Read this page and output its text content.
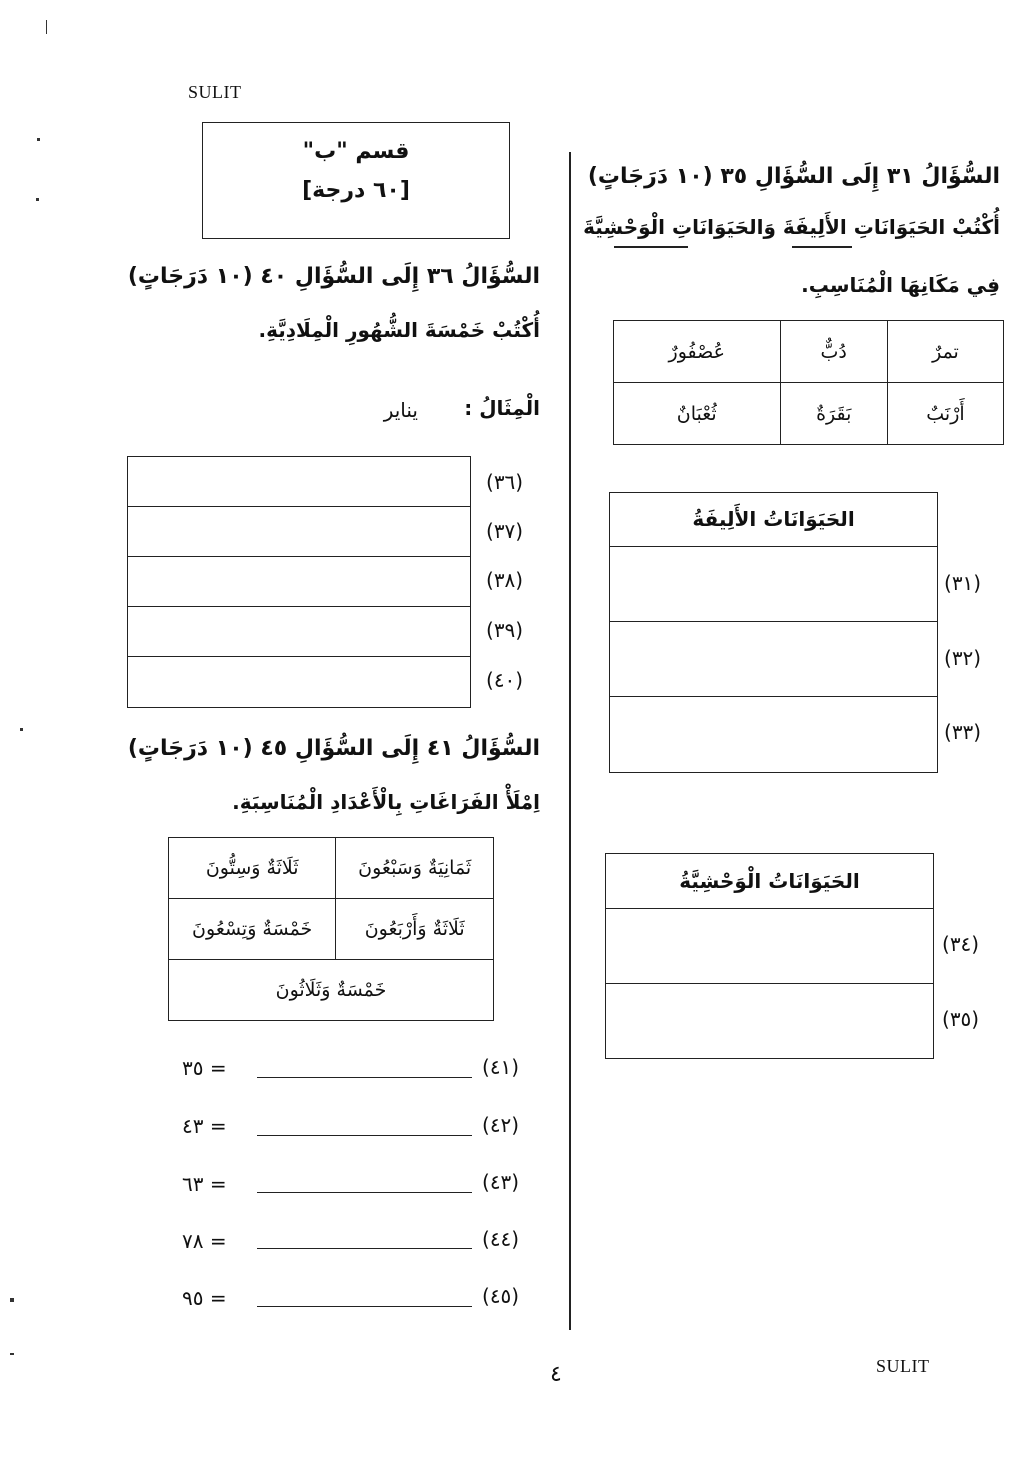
SULIT
SULIT
٤
السُّؤَالُ ٣١ إِلَى السُّؤَالِ ٣٥ (١٠ دَرَجَاتٍ)
أُكْتُبْ الحَيَوَانَاتِ الأَلِيفَةَ وَالحَيَوَانَاتِ الْوَحْشِيَّةَ
فِي مَكَانِهَا الْمُنَاسِبِ.
عُصْفُورٌ	دُبٌّ	تمرٌ
ثُعْبَانٌ	بَقَرَةٌ	أَرْنَبٌ
الحَيَوَانَاتُ الأَلِيفَةُ
(٣١)
(٣٢)
(٣٣)
الحَيَوَانَاتُ الْوَحْشِيَّةُ
(٣٤)
(٣٥)
قسم "ب"
[٦٠ درجة]
السُّؤَالُ ٣٦ إِلَى السُّؤَالِ ٤٠ (١٠ دَرَجَاتٍ)
أُكْتُبْ خَمْسَةَ الشُّهُورِ الْمِلَادِيَّةِ.
الْمِثَالُ :
يناير
(٣٦)
(٣٧)
(٣٨)
(٣٩)
(٤٠)
السُّؤَالُ ٤١ إِلَى السُّؤَالِ ٤٥ (١٠ دَرَجَاتٍ)
اِمْلَأْ الفَرَاغَاتِ بِالْأَعْدَادِ الْمُنَاسِبَةِ.
ثَلَاثَةٌ وَسِتُّونَ	ثَمَانِيَةٌ وَسَبْعُونَ
خَمْسَةٌ وَتِسْعُونَ	ثَلَاثَةٌ وَأَرْبَعُونَ
خَمْسَةٌ وَثَلَاثُونَ	
٣٥ =	(٤١)
٤٣ =	(٤٢)
٦٣ =	(٤٣)
٧٨ =	(٤٤)
٩٥ =	(٤٥)
